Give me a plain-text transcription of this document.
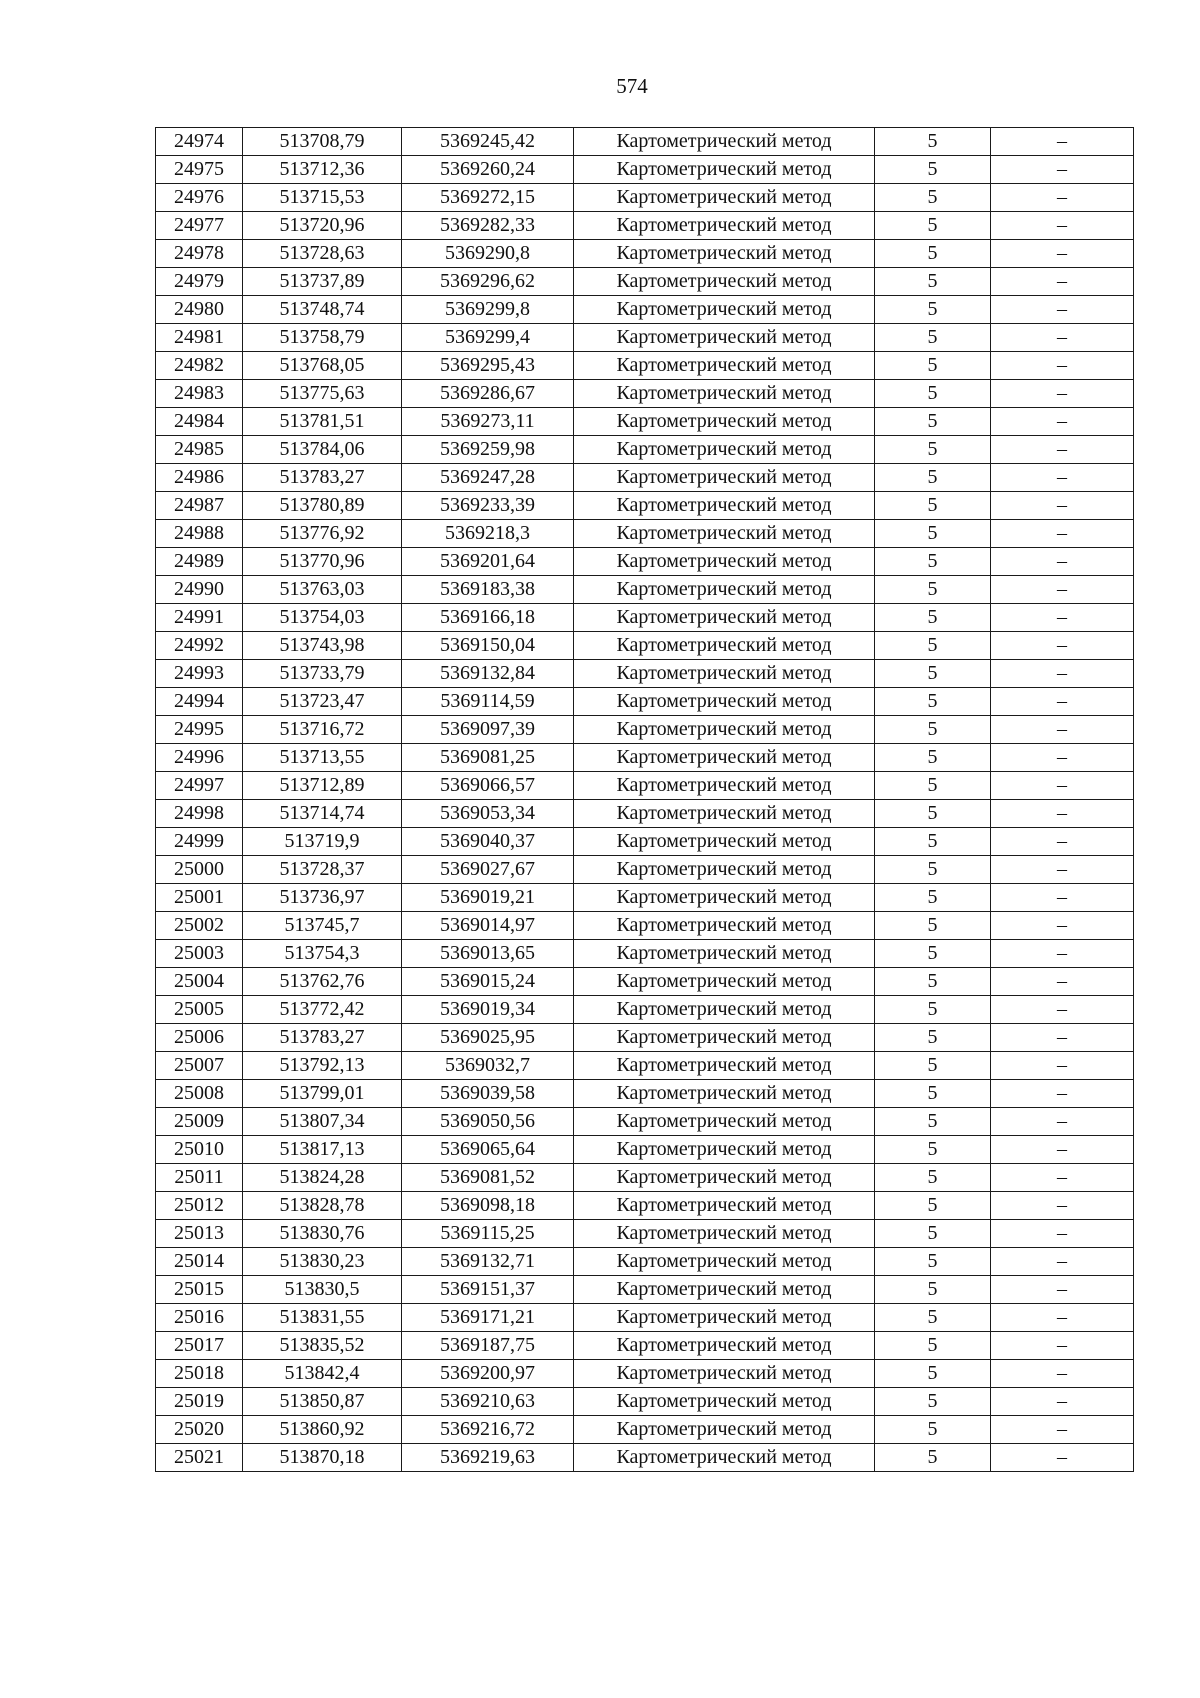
574
24974	513708,79	5369245,42	Картометрический метод	5	–
24975	513712,36	5369260,24	Картометрический метод	5	–
24976	513715,53	5369272,15	Картометрический метод	5	–
24977	513720,96	5369282,33	Картометрический метод	5	–
24978	513728,63	5369290,8	Картометрический метод	5	–
24979	513737,89	5369296,62	Картометрический метод	5	–
24980	513748,74	5369299,8	Картометрический метод	5	–
24981	513758,79	5369299,4	Картометрический метод	5	–
24982	513768,05	5369295,43	Картометрический метод	5	–
24983	513775,63	5369286,67	Картометрический метод	5	–
24984	513781,51	5369273,11	Картометрический метод	5	–
24985	513784,06	5369259,98	Картометрический метод	5	–
24986	513783,27	5369247,28	Картометрический метод	5	–
24987	513780,89	5369233,39	Картометрический метод	5	–
24988	513776,92	5369218,3	Картометрический метод	5	–
24989	513770,96	5369201,64	Картометрический метод	5	–
24990	513763,03	5369183,38	Картометрический метод	5	–
24991	513754,03	5369166,18	Картометрический метод	5	–
24992	513743,98	5369150,04	Картометрический метод	5	–
24993	513733,79	5369132,84	Картометрический метод	5	–
24994	513723,47	5369114,59	Картометрический метод	5	–
24995	513716,72	5369097,39	Картометрический метод	5	–
24996	513713,55	5369081,25	Картометрический метод	5	–
24997	513712,89	5369066,57	Картометрический метод	5	–
24998	513714,74	5369053,34	Картометрический метод	5	–
24999	513719,9	5369040,37	Картометрический метод	5	–
25000	513728,37	5369027,67	Картометрический метод	5	–
25001	513736,97	5369019,21	Картометрический метод	5	–
25002	513745,7	5369014,97	Картометрический метод	5	–
25003	513754,3	5369013,65	Картометрический метод	5	–
25004	513762,76	5369015,24	Картометрический метод	5	–
25005	513772,42	5369019,34	Картометрический метод	5	–
25006	513783,27	5369025,95	Картометрический метод	5	–
25007	513792,13	5369032,7	Картометрический метод	5	–
25008	513799,01	5369039,58	Картометрический метод	5	–
25009	513807,34	5369050,56	Картометрический метод	5	–
25010	513817,13	5369065,64	Картометрический метод	5	–
25011	513824,28	5369081,52	Картометрический метод	5	–
25012	513828,78	5369098,18	Картометрический метод	5	–
25013	513830,76	5369115,25	Картометрический метод	5	–
25014	513830,23	5369132,71	Картометрический метод	5	–
25015	513830,5	5369151,37	Картометрический метод	5	–
25016	513831,55	5369171,21	Картометрический метод	5	–
25017	513835,52	5369187,75	Картометрический метод	5	–
25018	513842,4	5369200,97	Картометрический метод	5	–
25019	513850,87	5369210,63	Картометрический метод	5	–
25020	513860,92	5369216,72	Картометрический метод	5	–
25021	513870,18	5369219,63	Картометрический метод	5	–
